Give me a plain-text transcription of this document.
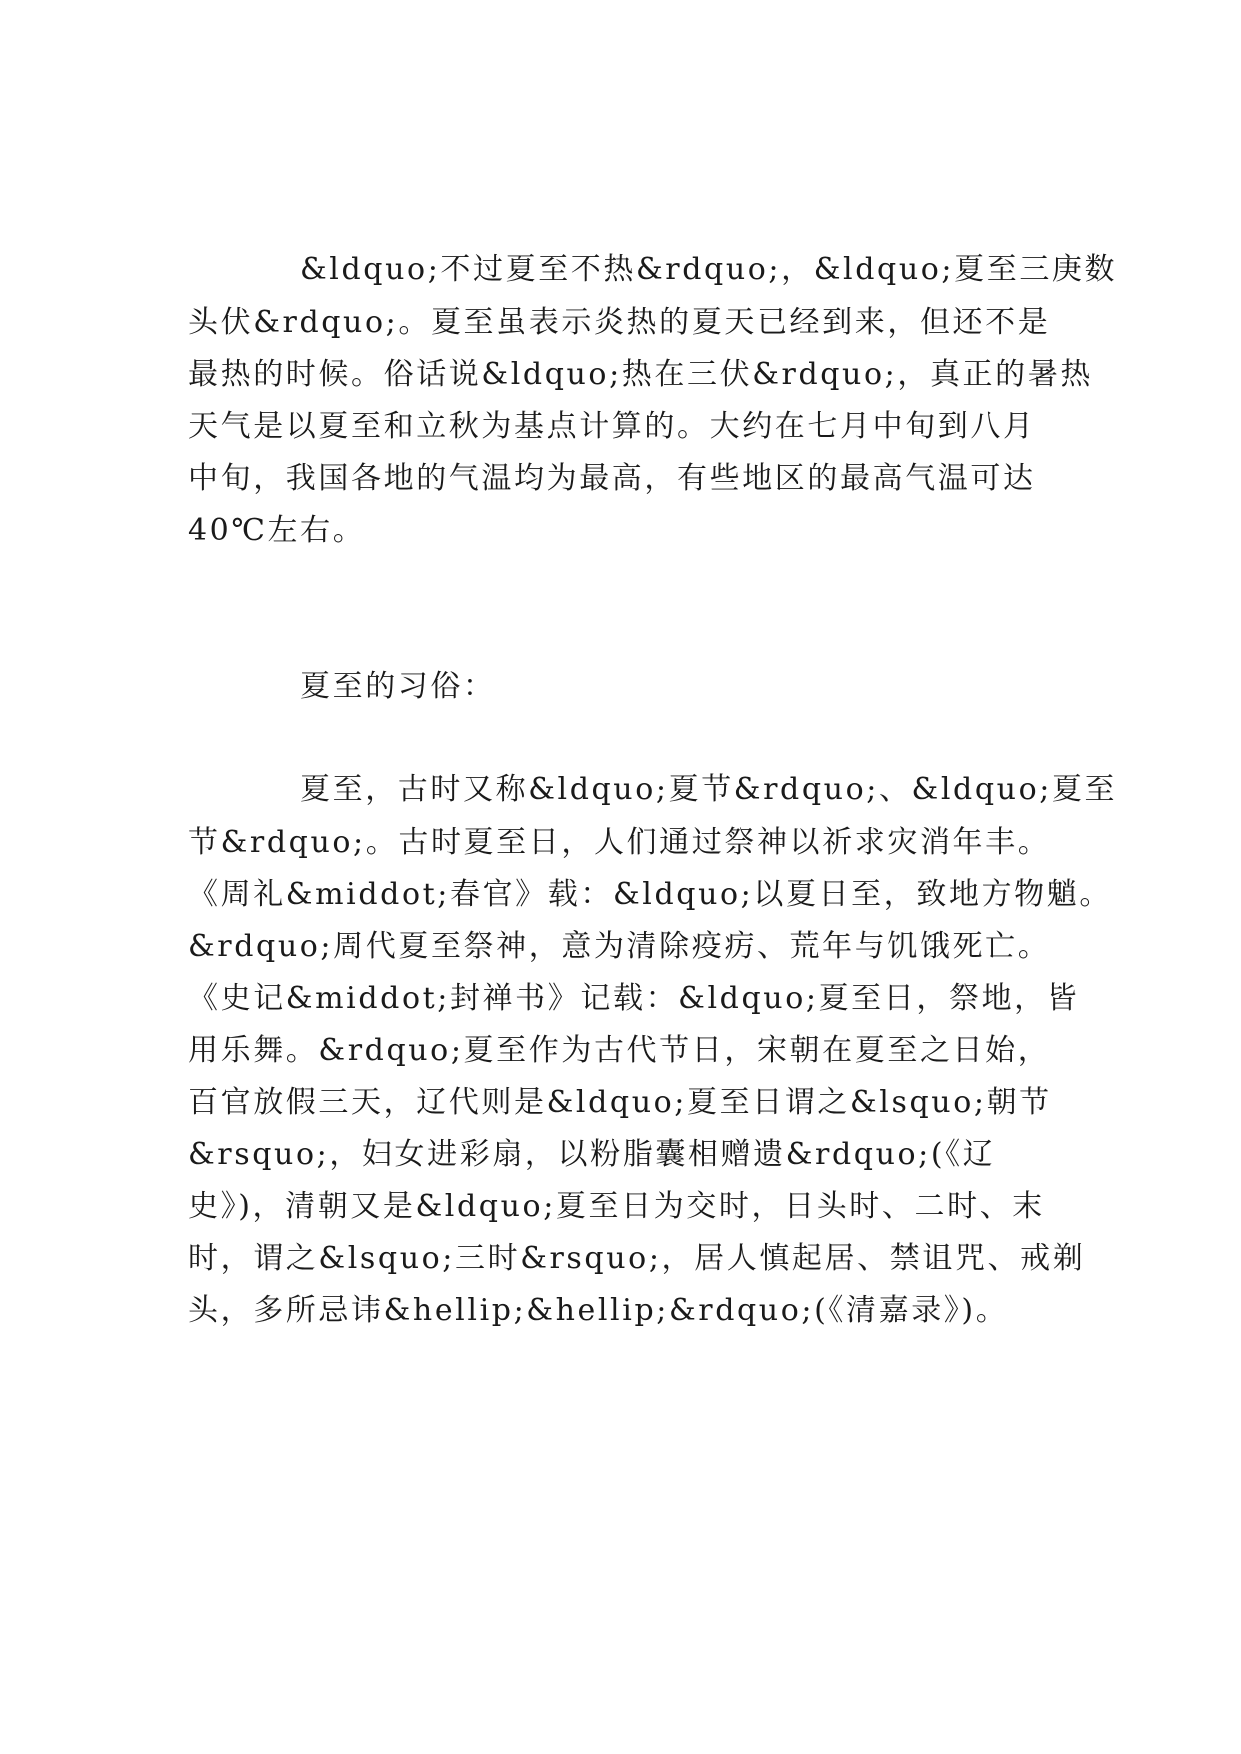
&ldquo;不过夏至不热&rdquo;，&ldquo;夏至三庚数
头伏&rdquo;。夏至虽表示炎热的夏天已经到来，但还不是
最热的时候。俗话说&ldquo;热在三伏&rdquo;，真正的暑热
天气是以夏至和立秋为基点计算的。大约在七月中旬到八月
中旬，我国各地的气温均为最高，有些地区的最高气温可达
40℃左右。
夏至的习俗：
夏至，古时又称&ldquo;夏节&rdquo;、&ldquo;夏至
节&rdquo;。古时夏至日，人们通过祭神以祈求灾消年丰。
《周礼&middot;春官》载：&ldquo;以夏日至，致地方物魈。
&rdquo;周代夏至祭神，意为清除疫疠、荒年与饥饿死亡。
《史记&middot;封禅书》记载：&ldquo;夏至日，祭地，皆
用乐舞。&rdquo;夏至作为古代节日，宋朝在夏至之日始，
百官放假三天，辽代则是&ldquo;夏至日谓之&lsquo;朝节
&rsquo;，妇女进彩扇，以粉脂囊相赠遗&rdquo;(《辽
史》)，清朝又是&ldquo;夏至日为交时，日头时、二时、末
时，谓之&lsquo;三时&rsquo;，居人慎起居、禁诅咒、戒剃
头，多所忌讳&hellip;&hellip;&rdquo;(《清嘉录》)。
